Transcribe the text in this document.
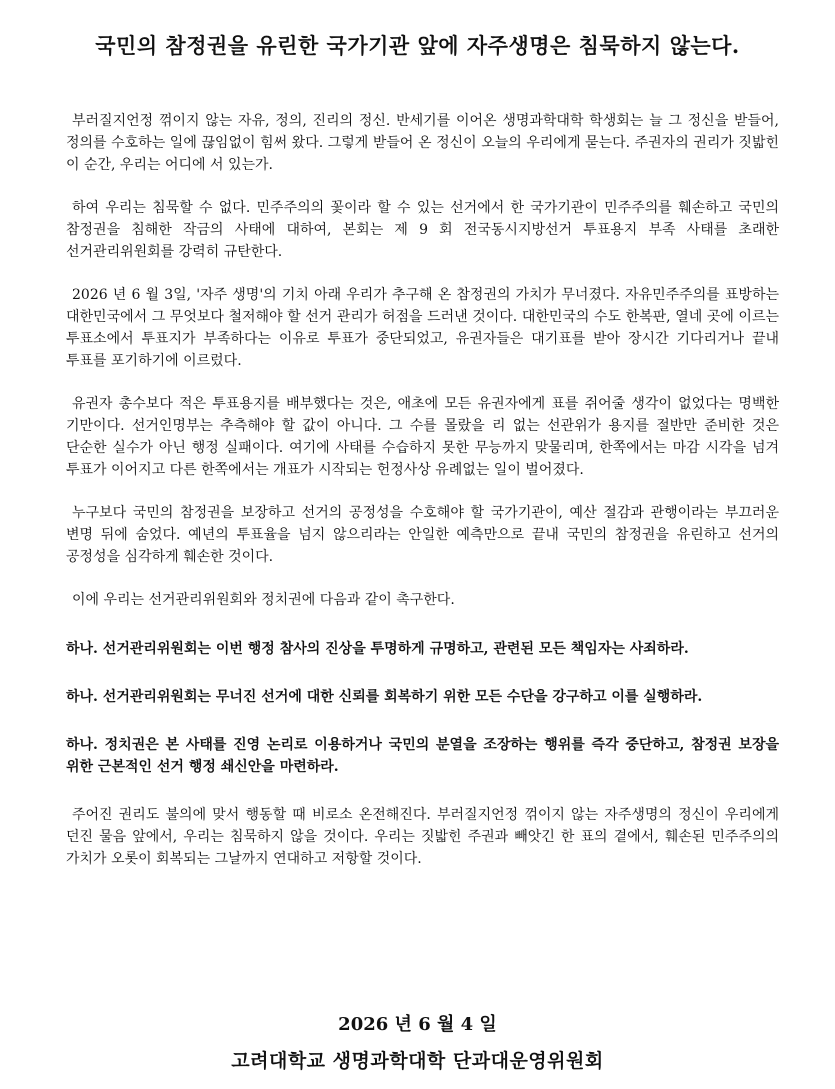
국민의 참정권을 유린한 국가기관 앞에 자주생명은 침묵하지 않는다.

부러질지언정 꺾이지 않는 자유, 정의, 진리의 정신. 반세기를 이어온 생명과학대학 학생회는 늘 그 정신을 받들어, 정의를 수호하는 일에 끊임없이 힘써 왔다. 그렇게 받들어 온 정신이 오늘의 우리에게 묻는다. 주권자의 권리가 짓밟힌 이 순간, 우리는 어디에 서 있는가.

하여 우리는 침묵할 수 없다. 민주주의의 꽃이라 할 수 있는 선거에서 한 국가기관이 민주주의를 훼손하고 국민의 참정권을 침해한 작금의 사태에 대하여, 본회는 제 9 회 전국동시지방선거 투표용지 부족 사태를 초래한 선거관리위원회를 강력히 규탄한다.

2026 년 6 월 3일, '자주 생명'의 기치 아래 우리가 추구해 온 참정권의 가치가 무너졌다. 자유민주주의를 표방하는 대한민국에서 그 무엇보다 철저해야 할 선거 관리가 허점을 드러낸 것이다. 대한민국의 수도 한복판, 열네 곳에 이르는 투표소에서 투표지가 부족하다는 이유로 투표가 중단되었고, 유권자들은 대기표를 받아 장시간 기다리거나 끝내 투표를 포기하기에 이르렀다.

유권자 총수보다 적은 투표용지를 배부했다는 것은, 애초에 모든 유권자에게 표를 쥐어줄 생각이 없었다는 명백한 기만이다. 선거인명부는 추측해야 할 값이 아니다. 그 수를 몰랐을 리 없는 선관위가 용지를 절반만 준비한 것은 단순한 실수가 아닌 행정 실패이다. 여기에 사태를 수습하지 못한 무능까지 맞물리며, 한쪽에서는 마감 시각을 넘겨 투표가 이어지고 다른 한쪽에서는 개표가 시작되는 헌정사상 유례없는 일이 벌어졌다.

누구보다 국민의 참정권을 보장하고 선거의 공정성을 수호해야 할 국가기관이, 예산 절감과 관행이라는 부끄러운 변명 뒤에 숨었다. 예년의 투표율을 넘지 않으리라는 안일한 예측만으로 끝내 국민의 참정권을 유린하고 선거의 공정성을 심각하게 훼손한 것이다.

이에 우리는 선거관리위원회와 정치권에 다음과 같이 촉구한다.

하나. 선거관리위원회는 이번 행정 참사의 진상을 투명하게 규명하고, 관련된 모든 책임자는 사죄하라.

하나. 선거관리위원회는 무너진 선거에 대한 신뢰를 회복하기 위한 모든 수단을 강구하고 이를 실행하라.

하나. 정치권은 본 사태를 진영 논리로 이용하거나 국민의 분열을 조장하는 행위를 즉각 중단하고, 참정권 보장을 위한 근본적인 선거 행정 쇄신안을 마련하라.

주어진 권리도 불의에 맞서 행동할 때 비로소 온전해진다. 부러질지언정 꺾이지 않는 자주생명의 정신이 우리에게 던진 물음 앞에서, 우리는 침묵하지 않을 것이다. 우리는 짓밟힌 주권과 빼앗긴 한 표의 곁에서, 훼손된 민주주의의 가치가 오롯이 회복되는 그날까지 연대하고 저항할 것이다.

2026 년 6 월 4 일
고려대학교 생명과학대학 단과대운영위원회
